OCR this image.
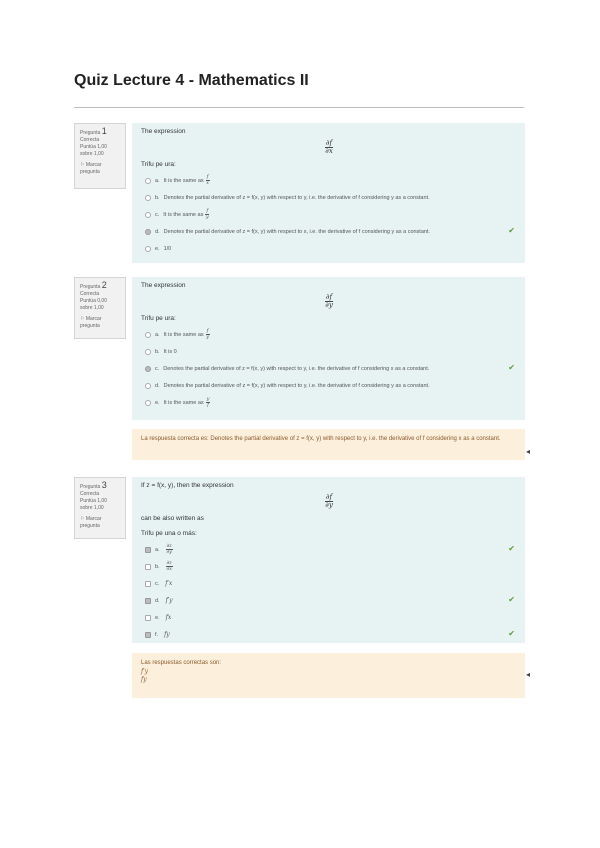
Quiz Lecture 4 - Mathematics II
Pregunta 1
Correcta
Puntúa 1,00
sobre 1,00
⚐ Marcar pregunta
The expression
$\frac{\partial f}{\partial x}$
Trifu pe ura:
a. It is the same as $\frac{f}{x}$
b. Denotes the partial derivative of z = f(x, y) with respect to y, i.e. the derivative of f considering y as a constant.
c. It is the same as $\frac{f}{y}$
d. Denotes the partial derivative of z = f(x, y) with respect to x, i.e. the derivative of f considering y as a constant.	✔
e. 1/0
Pregunta 2
Correcta
Puntúa 0,00
sobre 1,00
⚐ Marcar pregunta
The expression
$\frac{\partial f}{\partial y}$
Trifu pe ura:
a. It is the same as $\frac{f}{y}$
b. It is 0
c. Denotes the partial derivative of z = f(x, y) with respect to y, i.e. the derivative of f considering x as a constant.	✔
d. Denotes the partial derivative of z = f(x, y) with respect to y, i.e. the derivative of f considering y as a constant.
e. It is the same as $\frac{y}{f}$
La respuesta correcta es: Denotes the partial derivative of z = f(x, y) with respect to y, i.e. the derivative of f considering x as a constant.
◂
Pregunta 3
Correcta
Puntúa 1,00
sobre 1,00
⚐ Marcar pregunta
If z = f(x, y), then the expression
$\frac{\partial f}{\partial y}$
can be also written as
Trifu pe una o más:
a. $\frac{\partial z}{\partial y}$	✔
b. $\frac{\partial z}{\partial x}$
c. f′x
d. f′y	✔
e. fx
f. fy	✔
Las respuestas correctas son:
f′y
fy
◂
